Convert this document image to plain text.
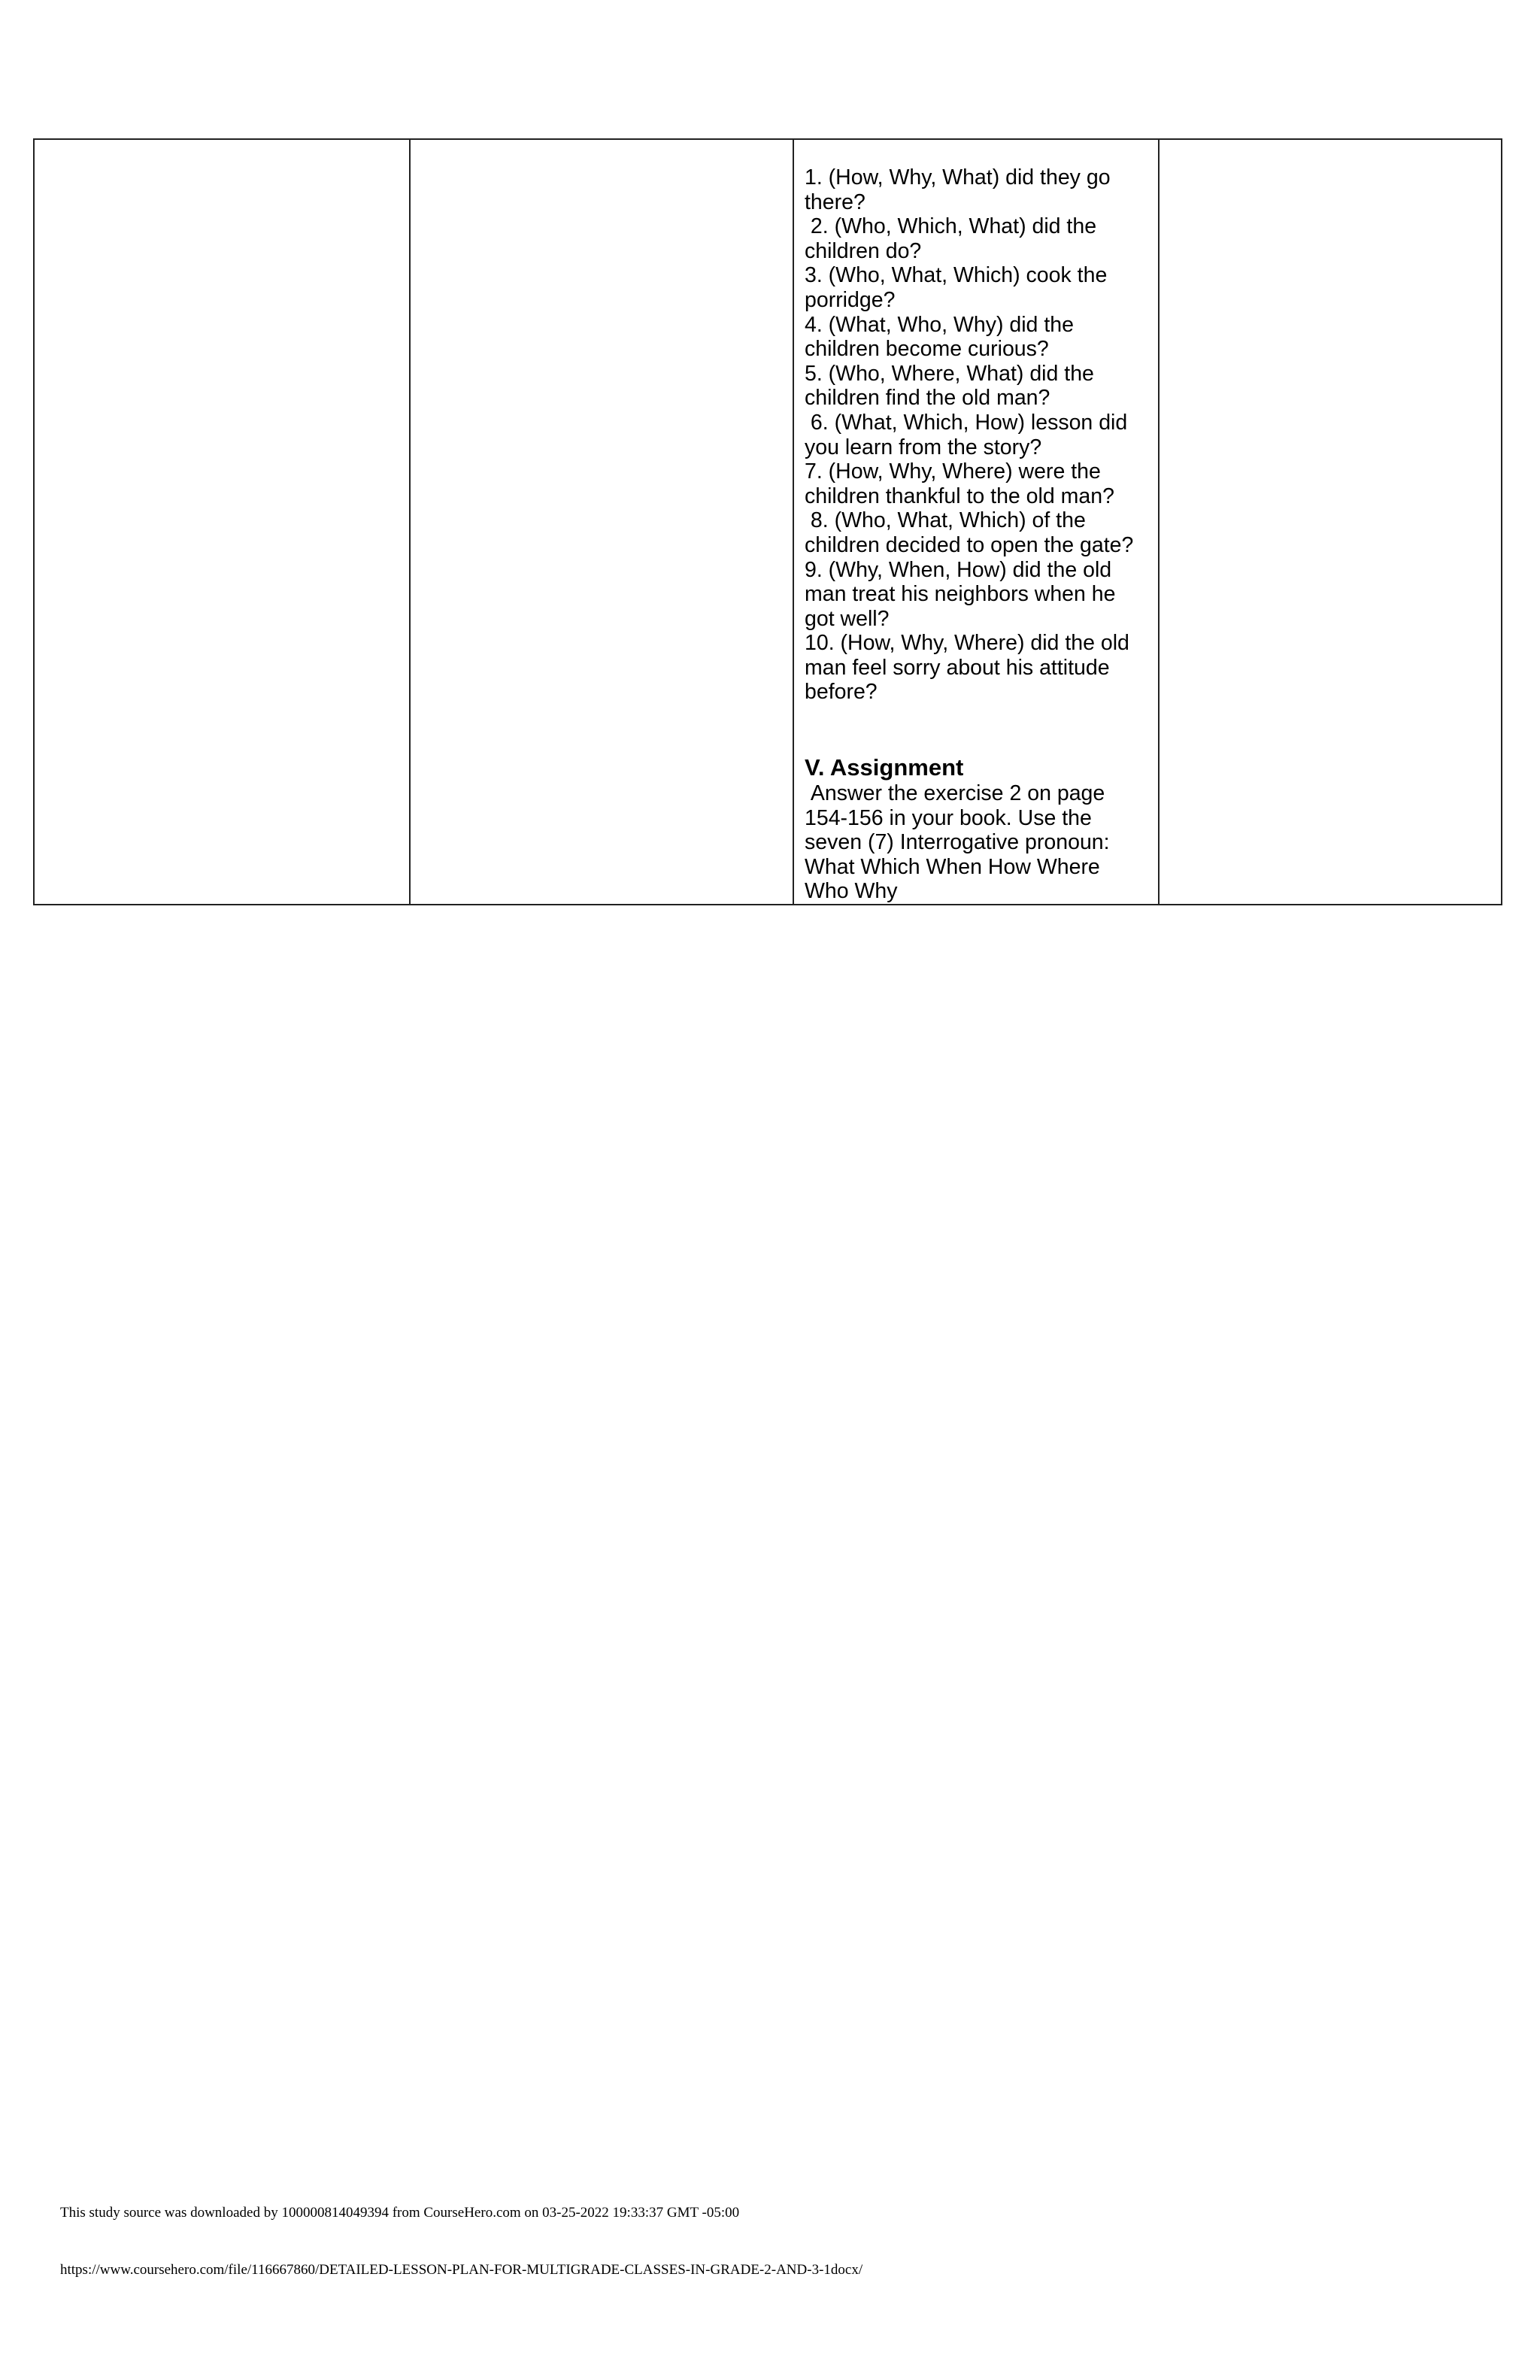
1. (How, Why, What) did they go there?

2. (Who, Which, What) did the children do?

3. (Who, What, Which) cook the porridge?

4. (What, Who, Why) did the children become curious?

5. (Who, Where, What) did the children find the old man?

6. (What, Which, How) lesson did you learn from the story?

7. (How, Why, Where) were the children thankful to the old man?

8. (Who, What, Which) of the children decided to open the gate?

9. (Why, When, How) did the old man treat his neighbors when he got well?

10. (How, Why, Where) did the old man feel sorry about his attitude before?

V. Assignment

Answer the exercise 2 on page 154-156 in your book. Use the seven (7) Interrogative pronoun: What Which When How Where Who Why

This study source was downloaded by 100000814049394 from CourseHero.com on 03-25-2022 19:33:37 GMT -05:00
https://www.coursehero.com/file/116667860/DETAILED-LESSON-PLAN-FOR-MULTIGRADE-CLASSES-IN-GRADE-2-AND-3-1docx/
